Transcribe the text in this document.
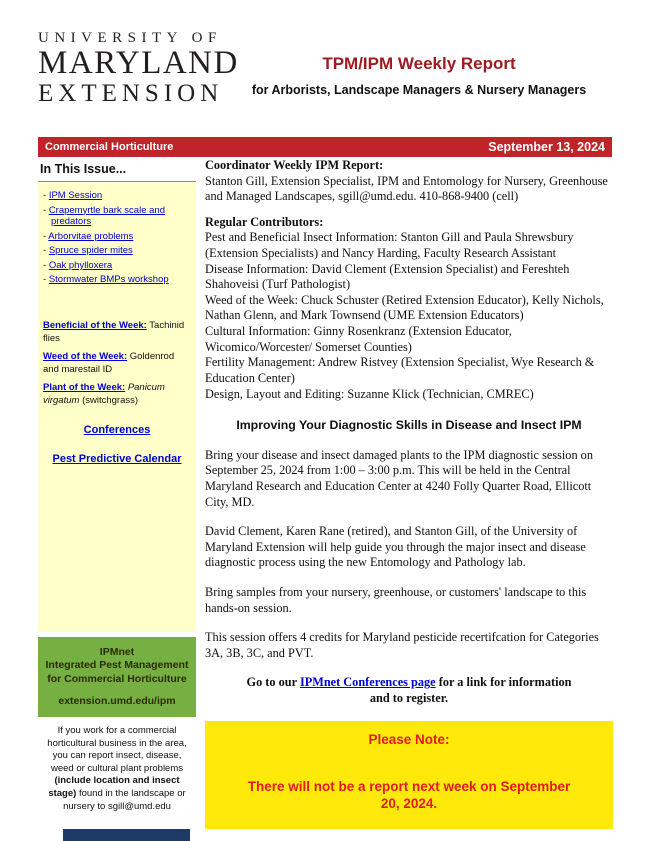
UNIVERSITY OF
MARYLAND
EXTENSION
TPM/IPM Weekly Report
for Arborists, Landscape Managers & Nursery Managers
Commercial Horticulture	September 13, 2024
In This Issue...
- IPM Session
- Crapemyrtle bark scale and predators
- Arborvitae problems
- Spruce spider mites
- Oak phylloxera
- Stormwater BMPs workshop
Beneficial of the Week: Tachinid flies
Weed of the Week: Goldenrod and marestail ID
Plant of the Week: Panicum virgatum (switchgrass)
Conferences
Pest Predictive Calendar
IPMnet
Integrated Pest Management for Commercial Horticulture
extension.umd.edu/ipm
If you work for a commercial horticultural business in the area, you can report insect, disease, weed or cultural plant problems (include location and insect stage) found in the landscape or nursery to sgill@umd.edu
Coordinator Weekly IPM Report:
Stanton Gill, Extension Specialist, IPM and Entomology for Nursery, Greenhouse and Managed Landscapes, sgill@umd.edu. 410-868-9400 (cell)
Regular Contributors:
Pest and Beneficial Insect Information: Stanton Gill and Paula Shrewsbury (Extension Specialists) and Nancy Harding, Faculty Research Assistant
Disease Information: David Clement (Extension Specialist) and Fereshteh Shahoveisi (Turf Pathologist)
Weed of the Week: Chuck Schuster (Retired Extension Educator), Kelly Nichols, Nathan Glenn, and Mark Townsend (UME Extension Educators)
Cultural Information: Ginny Rosenkranz (Extension Educator, Wicomico/Worcester/ Somerset Counties)
Fertility Management: Andrew Ristvey (Extension Specialist, Wye Research & Education Center)
Design, Layout and Editing: Suzanne Klick (Technician, CMREC)
Improving Your Diagnostic Skills in Disease and Insect IPM
Bring your disease and insect damaged plants to the IPM diagnostic session on September 25, 2024 from 1:00 – 3:00 p.m. This will be held in the Central Maryland Research and Education Center at 4240 Folly Quarter Road, Ellicott City, MD.
David Clement, Karen Rane (retired), and Stanton Gill, of the University of Maryland Extension will help guide you through the major insect and disease diagnostic process using the new Entomology and Pathology lab.
Bring samples from your nursery, greenhouse, or customers' landscape to this hands-on session.
This session offers 4 credits for Maryland pesticide recertifcation for Categories 3A, 3B, 3C, and PVT.
Go to our IPMnet Conferences page for a link for information and to register.
Please Note:
There will not be a report next week on September 20, 2024.
